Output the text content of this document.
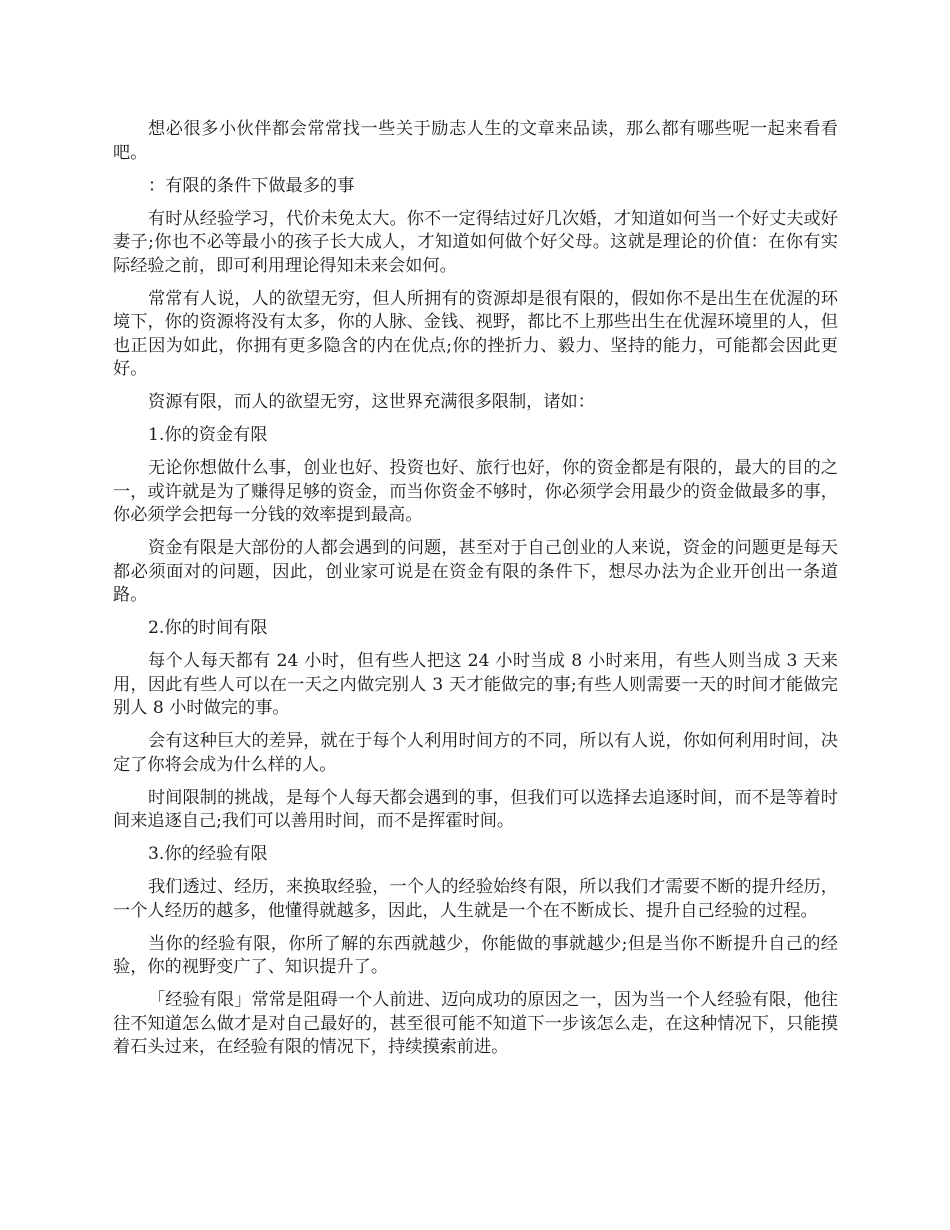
想必很多小伙伴都会常常找一些关于励志人生的文章来品读，那么都有哪些呢一起来看看吧。

：有限的条件下做最多的事

有时从经验学习，代价未免太大。你不一定得结过好几次婚，才知道如何当一个好丈夫或好妻子;你也不必等最小的孩子长大成人，才知道如何做个好父母。这就是理论的价值：在你有实际经验之前，即可利用理论得知未来会如何。

常常有人说，人的欲望无穷，但人所拥有的资源却是很有限的，假如你不是出生在优渥的环境下，你的资源将没有太多，你的人脉、金钱、视野，都比不上那些出生在优渥环境里的人，但也正因为如此，你拥有更多隐含的内在优点;你的挫折力、毅力、坚持的能力，可能都会因此更好。

资源有限，而人的欲望无穷，这世界充满很多限制，诸如：

1.你的资金有限

无论你想做什么事，创业也好、投资也好、旅行也好，你的资金都是有限的，最大的目的之一，或许就是为了赚得足够的资金，而当你资金不够时，你必须学会用最少的资金做最多的事，你必须学会把每一分钱的效率提到最高。

资金有限是大部份的人都会遇到的问题，甚至对于自己创业的人来说，资金的问题更是每天都必须面对的问题，因此，创业家可说是在资金有限的条件下，想尽办法为企业开创出一条道路。

2.你的时间有限

每个人每天都有 24 小时，但有些人把这 24 小时当成 8 小时来用，有些人则当成 3 天来用，因此有些人可以在一天之内做完别人 3 天才能做完的事;有些人则需要一天的时间才能做完别人 8 小时做完的事。

会有这种巨大的差异，就在于每个人利用时间方的不同，所以有人说，你如何利用时间，决定了你将会成为什么样的人。

时间限制的挑战，是每个人每天都会遇到的事，但我们可以选择去追逐时间，而不是等着时间来追逐自己;我们可以善用时间，而不是挥霍时间。

3.你的经验有限

我们透过、经历，来换取经验，一个人的经验始终有限，所以我们才需要不断的提升经历，一个人经历的越多，他懂得就越多，因此，人生就是一个在不断成长、提升自己经验的过程。

当你的经验有限，你所了解的东西就越少，你能做的事就越少;但是当你不断提升自己的经验，你的视野变广了、知识提升了。

「经验有限」常常是阻碍一个人前进、迈向成功的原因之一，因为当一个人经验有限，他往往不知道怎么做才是对自己最好的，甚至很可能不知道下一步该怎么走，在这种情况下，只能摸着石头过来，在经验有限的情况下，持续摸索前进。
